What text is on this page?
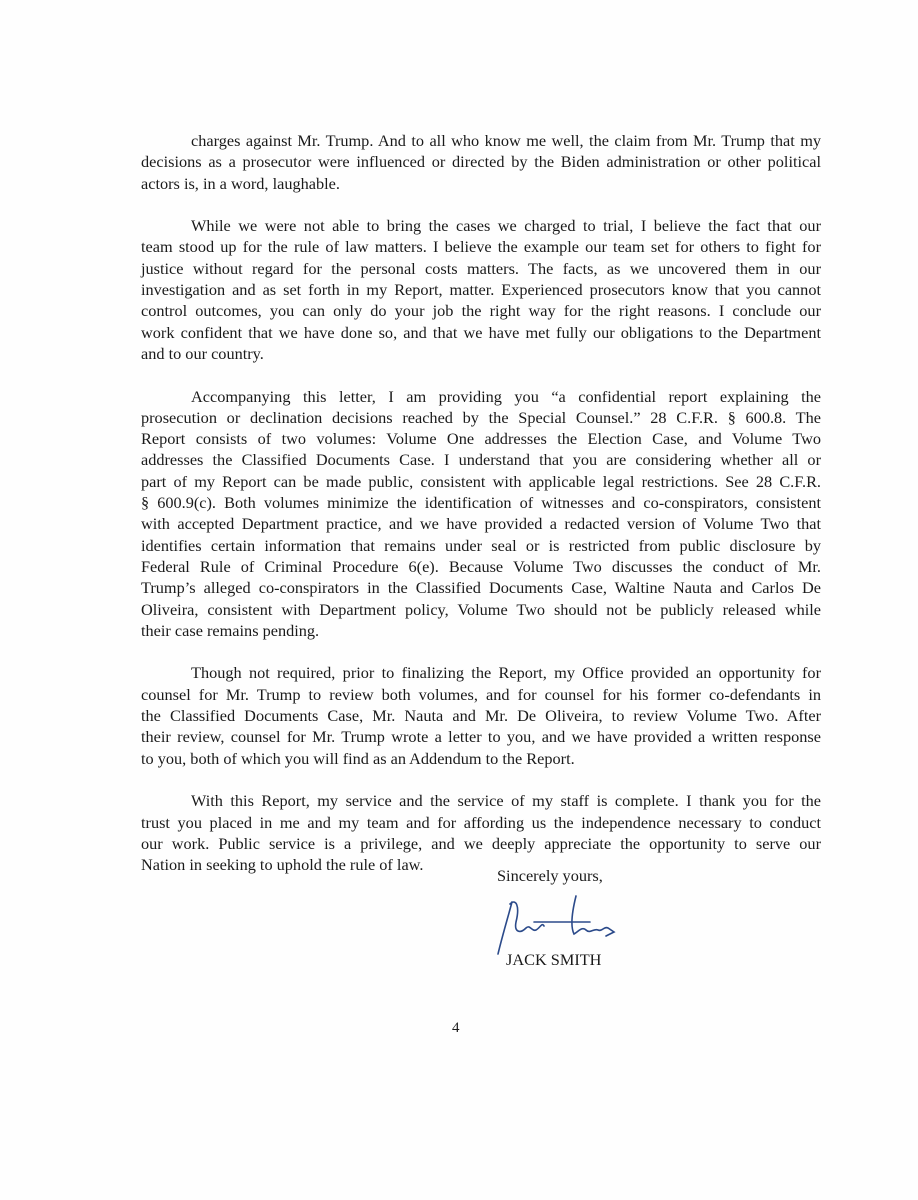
charges against Mr. Trump. And to all who know me well, the claim from Mr. Trump that my
decisions as a prosecutor were influenced or directed by the Biden administration or other political
actors is, in a word, laughable.
While we were not able to bring the cases we charged to trial, I believe the fact that our
team stood up for the rule of law matters. I believe the example our team set for others to fight for
justice without regard for the personal costs matters. The facts, as we uncovered them in our
investigation and as set forth in my Report, matter. Experienced prosecutors know that you cannot
control outcomes, you can only do your job the right way for the right reasons. I conclude our
work confident that we have done so, and that we have met fully our obligations to the Department
and to our country.
Accompanying this letter, I am providing you “a confidential report explaining the
prosecution or declination decisions reached by the Special Counsel.” 28 C.F.R. § 600.8. The
Report consists of two volumes: Volume One addresses the Election Case, and Volume Two
addresses the Classified Documents Case. I understand that you are considering whether all or
part of my Report can be made public, consistent with applicable legal restrictions. See 28 C.F.R.
§ 600.9(c). Both volumes minimize the identification of witnesses and co-conspirators, consistent
with accepted Department practice, and we have provided a redacted version of Volume Two that
identifies certain information that remains under seal or is restricted from public disclosure by
Federal Rule of Criminal Procedure 6(e). Because Volume Two discusses the conduct of Mr.
Trump’s alleged co-conspirators in the Classified Documents Case, Waltine Nauta and Carlos De
Oliveira, consistent with Department policy, Volume Two should not be publicly released while
their case remains pending.
Though not required, prior to finalizing the Report, my Office provided an opportunity for
counsel for Mr. Trump to review both volumes, and for counsel for his former co-defendants in
the Classified Documents Case, Mr. Nauta and Mr. De Oliveira, to review Volume Two. After
their review, counsel for Mr. Trump wrote a letter to you, and we have provided a written response
to you, both of which you will find as an Addendum to the Report.
With this Report, my service and the service of my staff is complete. I thank you for the
trust you placed in me and my team and for affording us the independence necessary to conduct
our work. Public service is a privilege, and we deeply appreciate the opportunity to serve our
Nation in seeking to uphold the rule of law.
Sincerely yours,
JACK SMITH
4
